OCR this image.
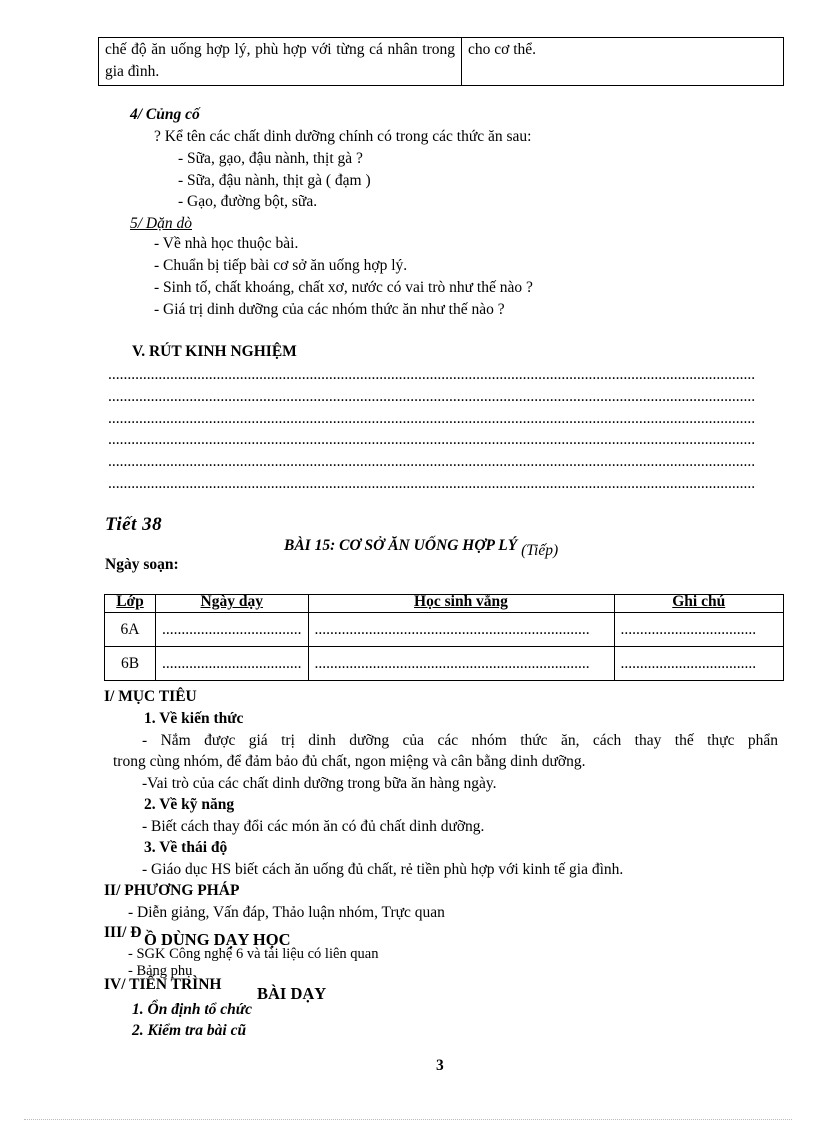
chế độ ăn uống hợp lý, phù hợp với từng cá nhân trong gia đình.	cho cơ thể.
4/ Củng cố
? Kể tên các chất dinh dưỡng chính có trong các thức ăn sau:
- Sữa, gạo, đậu nành, thịt gà ?
- Sữa, đậu nành, thịt gà ( đạm )
- Gạo, đường bột, sữa.
5/ Dặn dò
- Về nhà học thuộc bài.
- Chuẩn bị tiếp bài cơ sở ăn uống hợp lý.
- Sinh tố, chất khoáng, chất xơ, nước có vai trò như thế nào ?
- Giá trị dinh dưỡng của các nhóm thức ăn như thế nào ?
V. RÚT KINH NGHIỆM
.......................................................................................................................................................................
.......................................................................................................................................................................
.......................................................................................................................................................................
.......................................................................................................................................................................
.......................................................................................................................................................................
.......................................................................................................................................................................
Tiết 38
BÀI 15: CƠ SỞ ĂN UỐNG HỢP LÝ (Tiếp)
Ngày soạn:
Lớp	Ngày dạy	Học sinh vắng	Ghi chú
6A	....................................	.......................................................................	...................................
6B	....................................	.......................................................................	...................................
I/ MỤC TIÊU
1. Về kiến thức
- Nắm được giá trị dinh dưỡng của các nhóm thức ăn, cách thay thế thực phẩn
trong cùng nhóm, để đảm bảo đủ chất, ngon miệng và cân bằng dinh dưỡng.
-Vai trò của các chất dinh dưỡng trong bữa ăn hàng ngày.
2. Về kỹ năng
- Biết cách thay đổi các món ăn có đủ chất dinh dưỡng.
3. Về thái độ
- Giáo dục HS biết cách ăn uống đủ chất, rẻ tiền phù hợp với kinh tế gia đình.
II/ PHƯƠNG PHÁP
- Diễn giảng, Vấn đáp, Thảo luận nhóm, Trực quan
III/ Đ Ồ DÙNG DẠY HỌC
- SGK Công nghệ 6 và tài liệu có liên quan
- Bảng phụ
IV/ TIẾN TRÌNH BÀI DẠY
1. Ổn định tổ chức
2. Kiểm tra bài cũ
3
